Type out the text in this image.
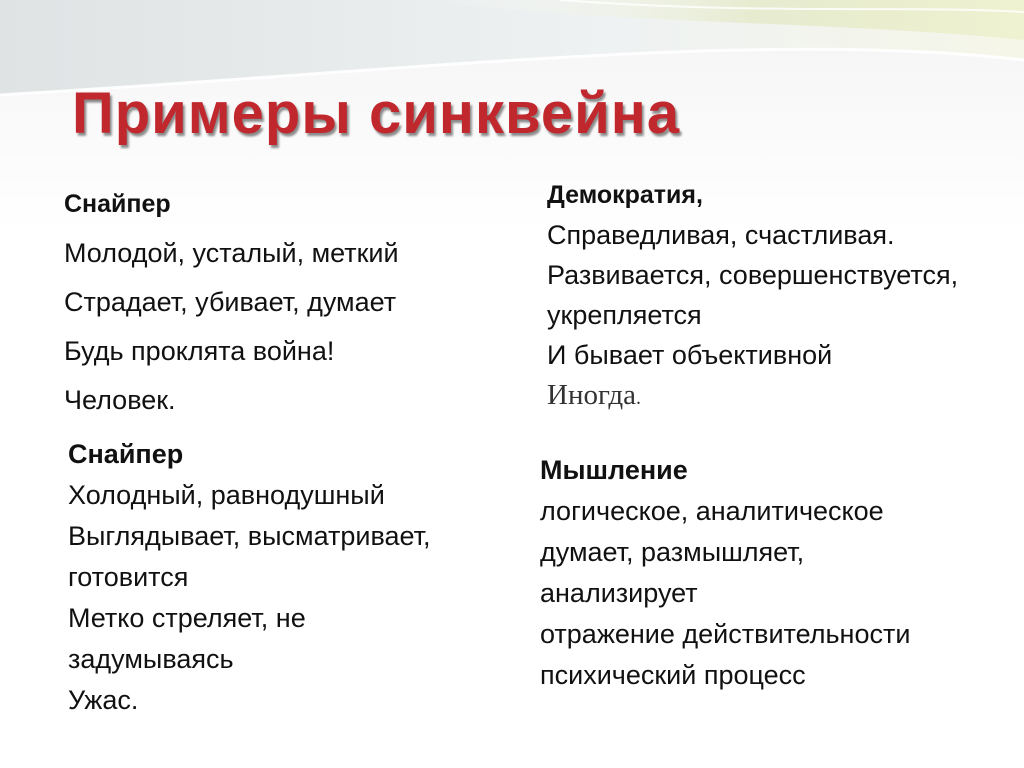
Примеры синквейна
Снайпер
Молодой, усталый, меткий
Страдает, убивает, думает
Будь проклята война!
Человек.
Демократия,
Справедливая, счастливая.
Развивается, совершенствуется,
укрепляется
И бывает объективной
Иногда.
Снайпер
Холодный, равнодушный
Выглядывает, высматривает,
готовится
Метко стреляет, не
задумываясь
Ужас.
Мышление
логическое, аналитическое
думает, размышляет,
анализирует
отражение действительности
психический процесс
